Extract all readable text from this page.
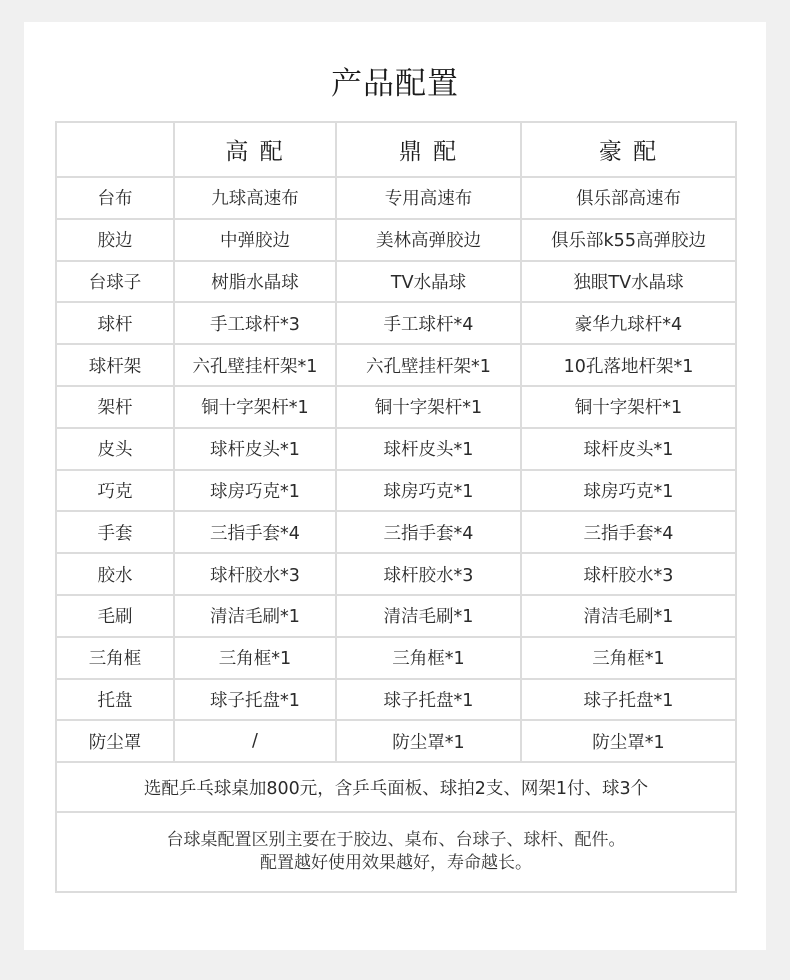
产品配置
	高 配	鼎 配	豪 配
台布	九球高速布	专用高速布	俱乐部高速布
胶边	中弹胶边	美林高弹胶边	俱乐部k55高弹胶边
台球子	树脂水晶球	TV水晶球	独眼TV水晶球
球杆	手工球杆*3	手工球杆*4	豪华九球杆*4
球杆架	六孔壁挂杆架*1	六孔壁挂杆架*1	10孔落地杆架*1
架杆	铜十字架杆*1	铜十字架杆*1	铜十字架杆*1
皮头	球杆皮头*1	球杆皮头*1	球杆皮头*1
巧克	球房巧克*1	球房巧克*1	球房巧克*1
手套	三指手套*4	三指手套*4	三指手套*4
胶水	球杆胶水*3	球杆胶水*3	球杆胶水*3
毛刷	清洁毛刷*1	清洁毛刷*1	清洁毛刷*1
三角框	三角框*1	三角框*1	三角框*1
托盘	球子托盘*1	球子托盘*1	球子托盘*1
防尘罩	/	防尘罩*1	防尘罩*1
选配乒乓球桌加800元，含乒乓面板、球拍2支、网架1付、球3个			

台球桌配置区别主要在于胶边、桌布、台球子、球杆、配件。
配置越好使用效果越好，寿命越长。			
